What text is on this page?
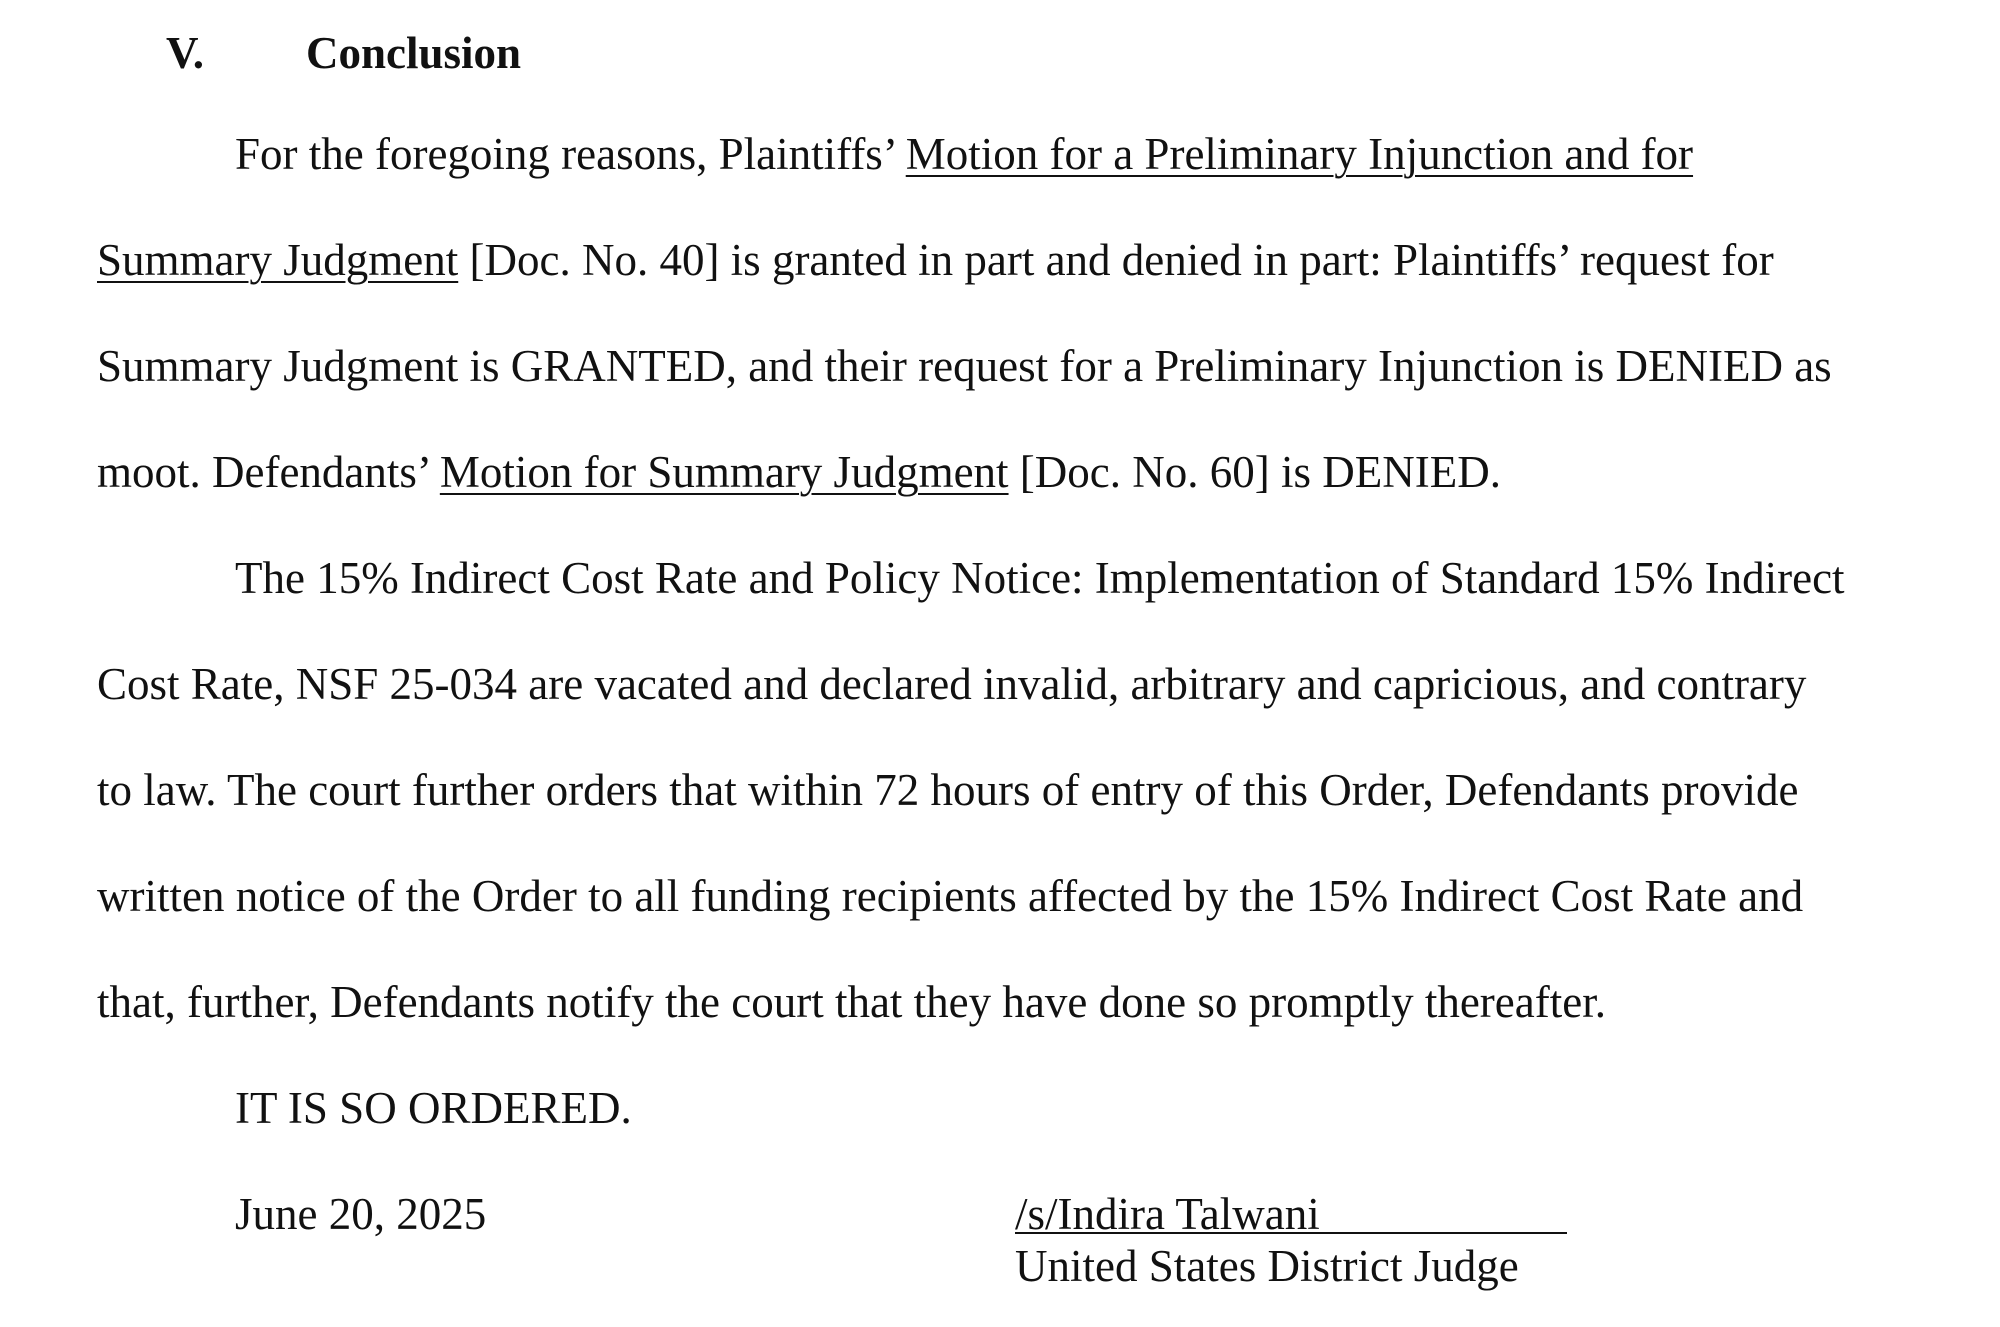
V. Conclusion
For the foregoing reasons, Plaintiffs’ Motion for a Preliminary Injunction and for
Summary Judgment [Doc. No. 40] is granted in part and denied in part: Plaintiffs’ request for
Summary Judgment is GRANTED, and their request for a Preliminary Injunction is DENIED as
moot. Defendants’ Motion for Summary Judgment [Doc. No. 60] is DENIED.
The 15% Indirect Cost Rate and Policy Notice: Implementation of Standard 15% Indirect
Cost Rate, NSF 25-034 are vacated and declared invalid, arbitrary and capricious, and contrary
to law. The court further orders that within 72 hours of entry of this Order, Defendants provide
written notice of the Order to all funding recipients affected by the 15% Indirect Cost Rate and
that, further, Defendants notify the court that they have done so promptly thereafter.
IT IS SO ORDERED.
June 20, 2025	/s/Indira Talwani
United States District Judge
